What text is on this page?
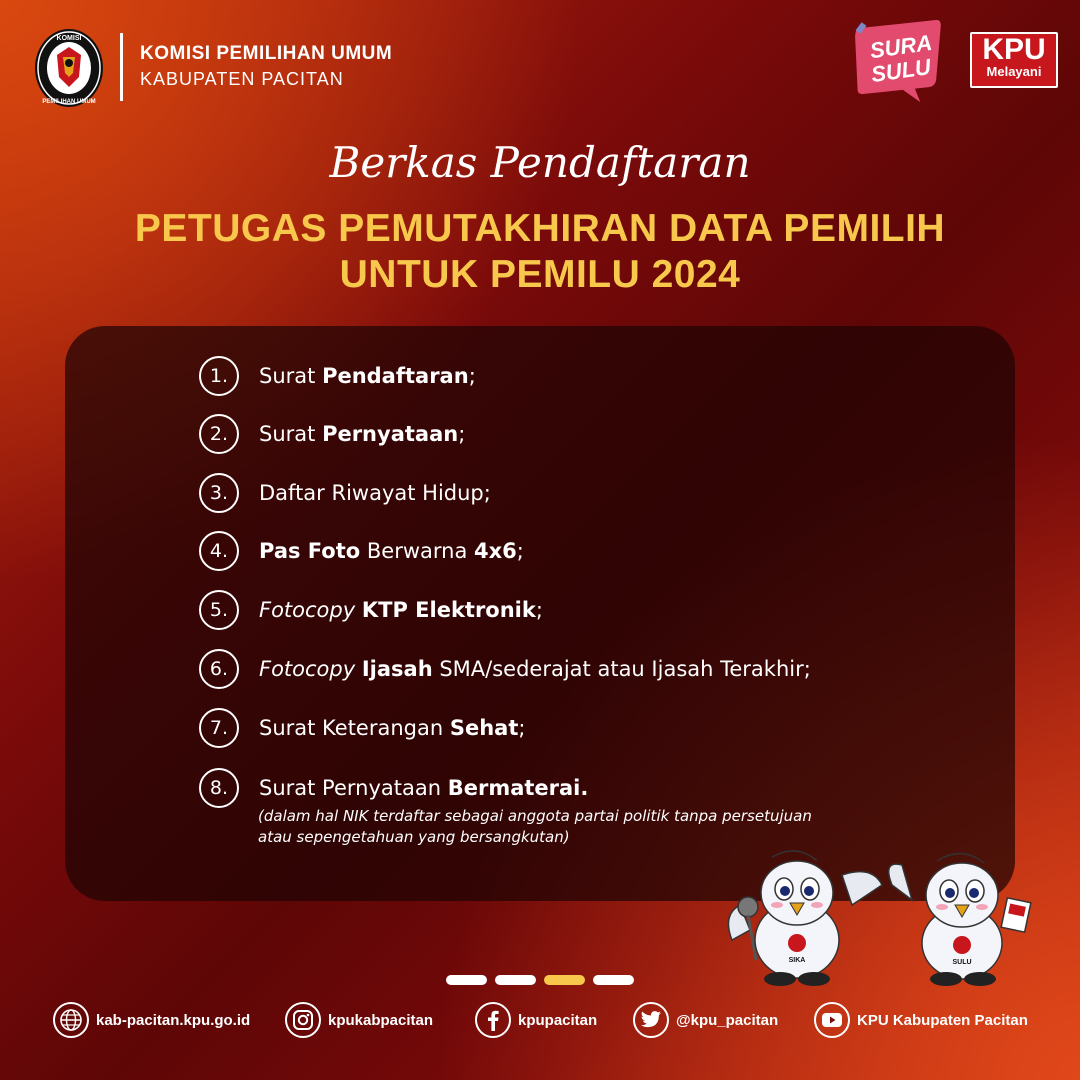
KOMISI
PEMILIHAN UMUM
KOMISI PEMILIHAN UMUM
KABUPATEN PACITAN
SURA
SULU
KPU
Melayani
Berkas Pendaftaran
PETUGAS PEMUTAKHIRAN DATA PEMILIH
UNTUK PEMILU 2024
1.	Surat Pendaftaran;
2.	Surat Pernyataan;
3.	Daftar Riwayat Hidup;
4.	Pas Foto Berwarna 4x6;
5.	Fotocopy KTP Elektronik;
6.	Fotocopy Ijasah SMA/sederajat atau Ijasah Terakhir;
7.	Surat Keterangan Sehat;
8.	Surat Pernyataan Bermaterai.
(dalam hal NIK terdaftar sebagai anggota partai politik tanpa persetujuan atau sepengetahuan yang bersangkutan)
SIKA	SULU
kab-pacitan.kpu.go.id	kpukabpacitan	kpupacitan	@kpu_pacitan	KPU Kabupaten Pacitan
